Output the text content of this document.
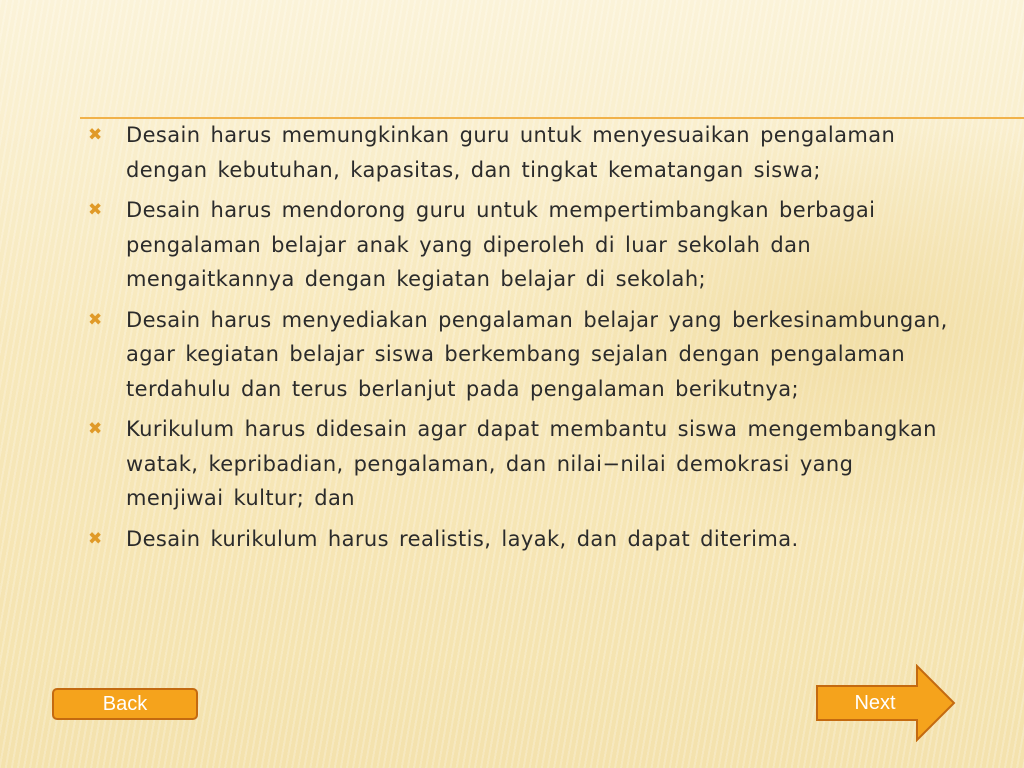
✖ Desain harus memungkinkan guru untuk menyesuaikan pengalaman dengan kebutuhan, kapasitas, dan tingkat kematangan siswa;
✖ Desain harus mendorong guru untuk mempertimbangkan berbagai pengalaman belajar anak yang diperoleh di luar sekolah dan mengaitkannya dengan kegiatan belajar di sekolah;
✖ Desain harus menyediakan pengalaman belajar yang berkesinambungan, agar kegiatan belajar siswa berkembang sejalan dengan pengalaman terdahulu dan terus berlanjut pada pengalaman berikutnya;
✖ Kurikulum harus didesain agar dapat membantu siswa mengembangkan watak, kepribadian, pengalaman, dan nilai−nilai demokrasi yang menjiwai kultur; dan
✖ Desain kurikulum harus realistis, layak, dan dapat diterima.
Back	Next
